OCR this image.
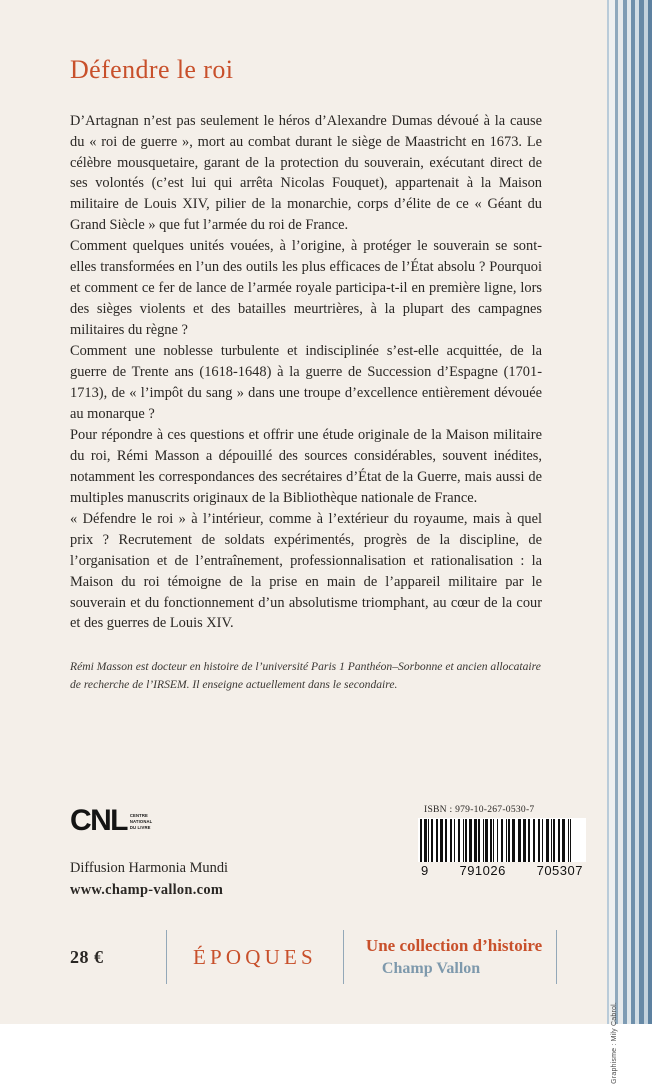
Graphisme : Mily Cabrol.
Défendre le roi

D’Artagnan n’est pas seulement le héros d’Alexandre Dumas dévoué à la cause du « roi de guerre », mort au combat durant le siège de Maastricht en 1673. Le célèbre mousquetaire, garant de la protection du souverain, exécutant direct de ses volontés (c’est lui qui arrêta Nicolas Fouquet), appartenait à la Maison militaire de Louis XIV, pilier de la monarchie, corps d’élite de ce « Géant du Grand Siècle » que fut l’armée du roi de France.

Comment quelques unités vouées, à l’origine, à protéger le souverain se sont-elles transformées en l’un des outils les plus efficaces de l’État absolu ? Pourquoi et comment ce fer de lance de l’armée royale participa-t-il en première ligne, lors des sièges violents et des batailles meurtrières, à la plupart des campagnes militaires du règne ?

Comment une noblesse turbulente et indisciplinée s’est-elle acquittée, de la guerre de Trente ans (1618-1648) à la guerre de Succession d’Espagne (1701-1713), de « l’impôt du sang » dans une troupe d’excellence entièrement dévouée au monarque ?

Pour répondre à ces questions et offrir une étude originale de la Maison militaire du roi, Rémi Masson a dépouillé des sources considérables, souvent inédites, notamment les correspondances des secrétaires d’État de la Guerre, mais aussi de multiples manuscrits originaux de la Bibliothèque nationale de France.

« Défendre le roi » à l’intérieur, comme à l’extérieur du royaume, mais à quel prix ? Recrutement de soldats expérimentés, progrès de la discipline, de l’organisation et de l’entraînement, professionnalisation et rationalisation : la Maison du roi témoigne de la prise en main de l’appareil militaire par le souverain et du fonctionnement d’un absolutisme triomphant, au cœur de la cour et des guerres de Louis XIV.

Rémi Masson est docteur en histoire de l’université Paris 1 Panthéon–Sorbonne et ancien allocataire de recherche de l’IRSEM. Il enseigne actuellement dans le secondaire.
CNL CENTRE
NATIONAL
DU LIVRE
Diffusion Harmonia Mundi
www.champ-vallon.com
ISBN : 979-10-267-0530-7
9 791026 705307
28 €	ÉPOQUES	Une collection d’histoire
Champ Vallon
